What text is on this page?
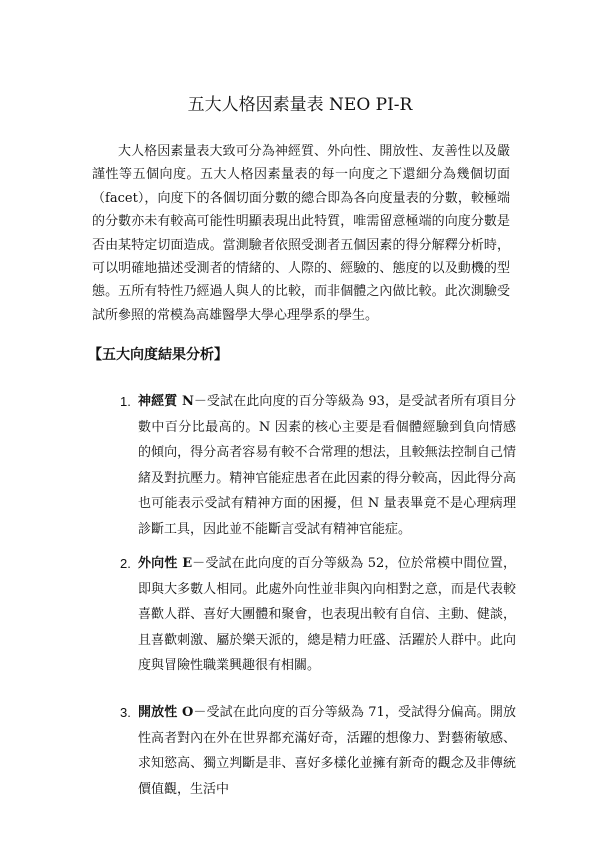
五大人格因素量表 NEO PI-R

大人格因素量表大致可分為神經質、外向性、開放性、友善性以及嚴謹性等五個向度。五大人格因素量表的每一向度之下還細分為幾個切面（facet），向度下的各個切面分數的總合即為各向度量表的分數，較極端的分數亦未有較高可能性明顯表現出此特質，唯需留意極端的向度分數是否由某特定切面造成。當測驗者依照受測者五個因素的得分解釋分析時，可以明確地描述受測者的情緒的、人際的、經驗的、態度的以及動機的型態。五所有特性乃經過人與人的比較，而非個體之內做比較。此次測驗受試所參照的常模為高雄醫學大學心理學系的學生。

【五大向度結果分析】
1. 神經質 N－受試在此向度的百分等級為 93，是受試者所有項目分數中百分比最高的。N 因素的核心主要是看個體經驗到負向情感的傾向，得分高者容易有較不合常理的想法，且較無法控制自己情緒及對抗壓力。精神官能症患者在此因素的得分較高，因此得分高也可能表示受試有精神方面的困擾，但 N 量表畢竟不是心理病理診斷工具，因此並不能斷言受試有精神官能症。
2. 外向性 E－受試在此向度的百分等級為 52，位於常模中間位置，即與大多數人相同。此處外向性並非與內向相對之意，而是代表較喜歡人群、喜好大團體和聚會，也表現出較有自信、主動、健談，且喜歡刺激、屬於樂天派的，總是精力旺盛、活躍於人群中。此向度與冒險性職業興趣很有相關。
3. 開放性 O－受試在此向度的百分等級為 71，受試得分偏高。開放性高者對內在外在世界都充滿好奇，活躍的想像力、對藝術敏感、求知慾高、獨立判斷是非、喜好多樣化並擁有新奇的觀念及非傳統價值觀，生活中
